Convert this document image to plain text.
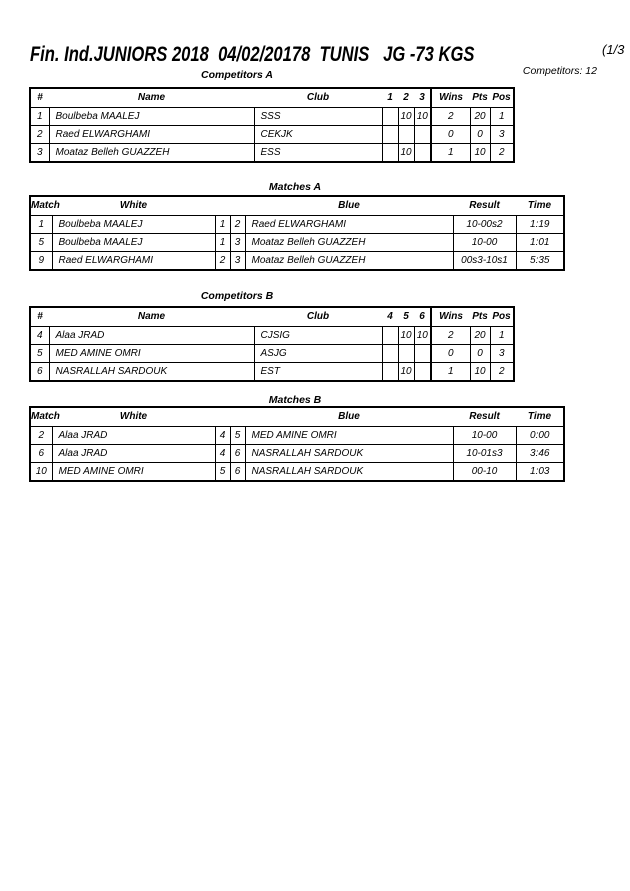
Fin. Ind.JUNIORS 2018  04/02/20178  TUNIS   JG -73 KGS	(1/3
Competitors: 12
Competitors A
#	Name	Club	1	2	3	Wins	Pts	Pos
1	Boulbeba MAALEJ	SSS		10	10	2	20	1
2	Raed ELWARGHAMI	CEKJK				0	0	3
3	Moataz Belleh GUAZZEH	ESS		10		1	10	2
Matches A
Match	White			Blue	Result	Time
1	Boulbeba MAALEJ	1	2	Raed ELWARGHAMI	10-00s2	1:19
5	Boulbeba MAALEJ	1	3	Moataz Belleh GUAZZEH	10-00	1:01
9	Raed ELWARGHAMI	2	3	Moataz Belleh GUAZZEH	00s3-10s1	5:35
Competitors B
#	Name	Club	4	5	6	Wins	Pts	Pos
4	Alaa JRAD	CJSIG		10	10	2	20	1
5	MED AMINE OMRI	ASJG				0	0	3
6	NASRALLAH SARDOUK	EST		10		1	10	2
Matches B
Match	White			Blue	Result	Time
2	Alaa JRAD	4	5	MED AMINE OMRI	10-00	0:00
6	Alaa JRAD	4	6	NASRALLAH SARDOUK	10-01s3	3:46
10	MED AMINE OMRI	5	6	NASRALLAH SARDOUK	00-10	1:03
